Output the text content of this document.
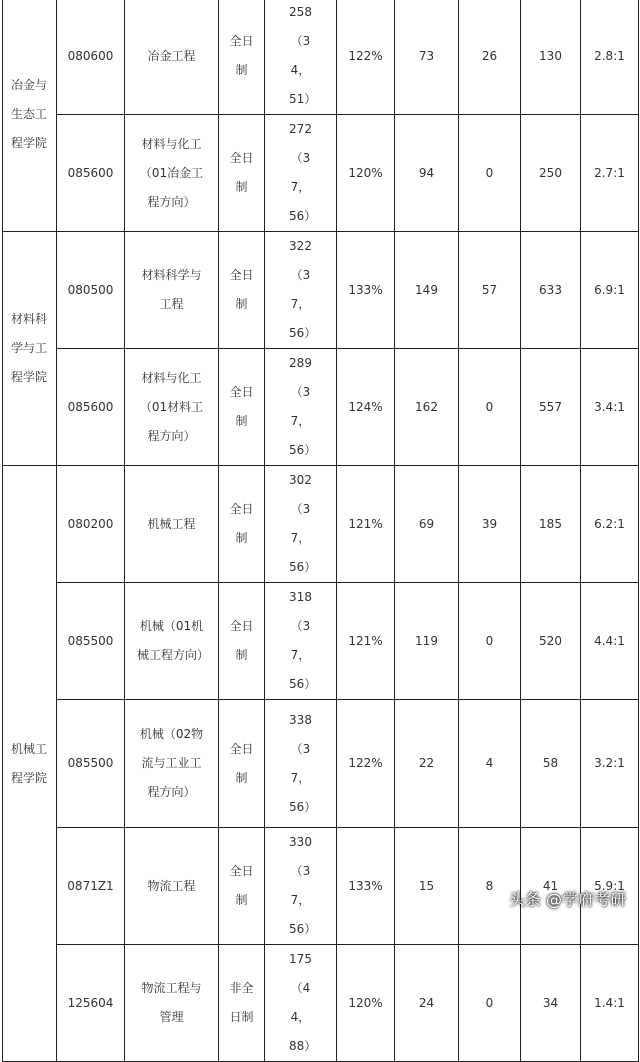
冶金与生态工程学院	080600	冶金工程	全日制	258（34，51）	122%	73	26	130	2.8:1
	085600	材料与化工（01冶金工程方向）	全日制	272（37，56）	120%	94	0	250	2.7:1
材料科学与工程学院	080500	材料科学与工程	全日制	322（37，56）	133%	149	57	633	6.9:1
	085600	材料与化工（01材料工程方向）	全日制	289（37，56）	124%	162	0	557	3.4:1
机械工程学院	080200	机械工程	全日制	302（37，56）	121%	69	39	185	6.2:1
	085500	机械（01机械工程方向）	全日制	318（37，56）	121%	119	0	520	4.4:1
	085500	机械（02物流与工业工程方向）	全日制	338（37，56）	122%	22	4	58	3.2:1
	0871Z1	物流工程	全日制	330（37，56）	133%	15	8	41	5.9:1
	125604	物流工程与管理	非全日制	175（44，88）	120%	24	0	34	1.4:1
头条 @学府考研
